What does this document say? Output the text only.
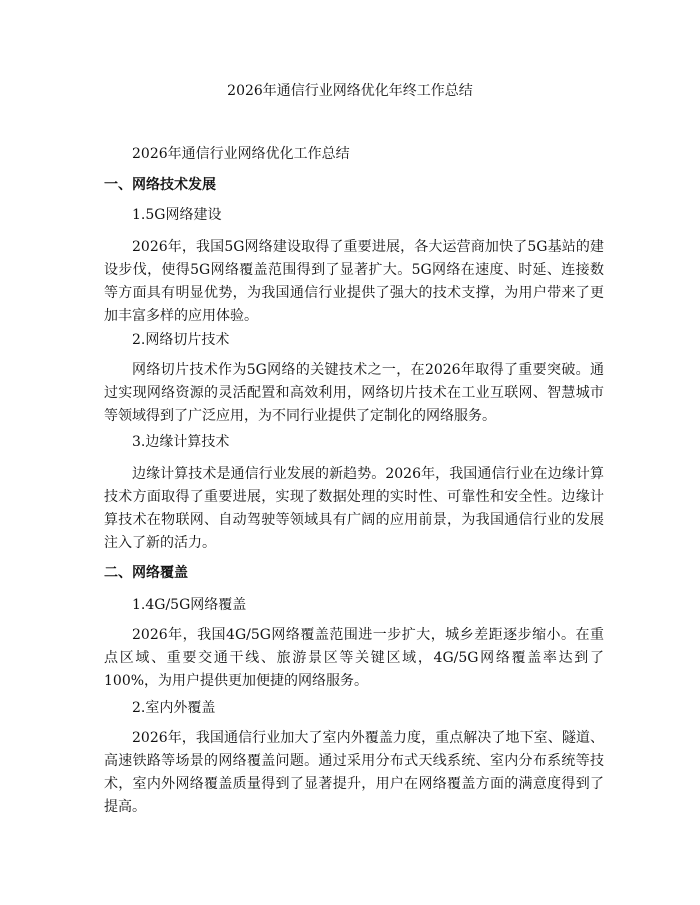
2026年通信行业网络优化年终工作总结

2026年通信行业网络优化工作总结

一、网络技术发展

1.5G网络建设

2026年，我国5G网络建设取得了重要进展，各大运营商加快了5G基站的建设步伐，使得5G网络覆盖范围得到了显著扩大。5G网络在速度、时延、连接数等方面具有明显优势，为我国通信行业提供了强大的技术支撑，为用户带来了更加丰富多样的应用体验。

2.网络切片技术

网络切片技术作为5G网络的关键技术之一，在2026年取得了重要突破。通过实现网络资源的灵活配置和高效利用，网络切片技术在工业互联网、智慧城市等领域得到了广泛应用，为不同行业提供了定制化的网络服务。

3.边缘计算技术

边缘计算技术是通信行业发展的新趋势。2026年，我国通信行业在边缘计算技术方面取得了重要进展，实现了数据处理的实时性、可靠性和安全性。边缘计算技术在物联网、自动驾驶等领域具有广阔的应用前景，为我国通信行业的发展注入了新的活力。

二、网络覆盖

1.4G/5G网络覆盖

2026年，我国4G/5G网络覆盖范围进一步扩大，城乡差距逐步缩小。在重点区域、重要交通干线、旅游景区等关键区域，4G/5G网络覆盖率达到了100%，为用户提供更加便捷的网络服务。

2.室内外覆盖

2026年，我国通信行业加大了室内外覆盖力度，重点解决了地下室、隧道、高速铁路等场景的网络覆盖问题。通过采用分布式天线系统、室内分布系统等技术，室内外网络覆盖质量得到了显著提升，用户在网络覆盖方面的满意度得到了提高。
